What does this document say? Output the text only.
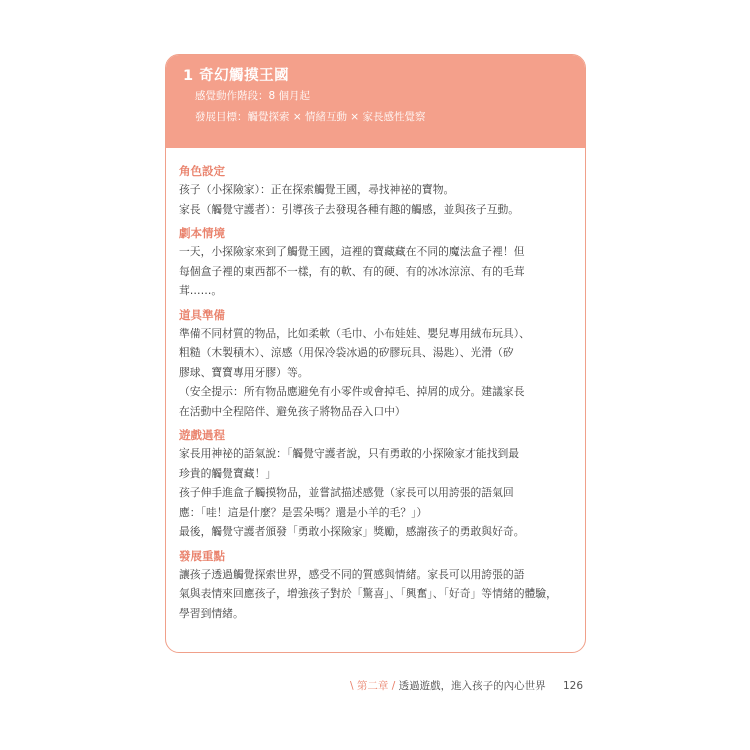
1 奇幻觸摸王國
感覺動作階段：8 個月起
發展目標：觸覺探索 × 情緒互動 × 家長感性覺察
角色設定
孩子（小探險家）：正在探索觸覺王國，尋找神祕的寶物。
家長（觸覺守護者）：引導孩子去發現各種有趣的觸感，並與孩子互動。
劇本情境
一天，小探險家來到了觸覺王國，這裡的寶藏藏在不同的魔法盒子裡！但
每個盒子裡的東西都不一樣，有的軟、有的硬、有的冰冰涼涼、有的毛茸
茸……。
道具準備
準備不同材質的物品，比如柔軟（毛巾、小布娃娃、嬰兒專用絨布玩具）、
粗糙（木製積木）、涼感（用保冷袋冰過的矽膠玩具、湯匙）、光滑（矽
膠球、寶寶專用牙膠）等。
（安全提示：所有物品應避免有小零件或會掉毛、掉屑的成分。建議家長
在活動中全程陪伴、避免孩子將物品吞入口中）
遊戲過程
家長用神祕的語氣說：「觸覺守護者說，只有勇敢的小探險家才能找到最
珍貴的觸覺寶藏！」
孩子伸手進盒子觸摸物品，並嘗試描述感覺（家長可以用誇張的語氣回
應：「哇！這是什麼？是雲朵嗎？還是小羊的毛？」）
最後，觸覺守護者頒發「勇敢小探險家」獎勵，感謝孩子的勇敢與好奇。
發展重點
讓孩子透過觸覺探索世界，感受不同的質感與情緒。家長可以用誇張的語
氣與表情來回應孩子，增強孩子對於「驚喜」、「興奮」、「好奇」等情緒的體驗，
學習到情緒。
\ 第二章 / 透過遊戲，進入孩子的內心世界 126
